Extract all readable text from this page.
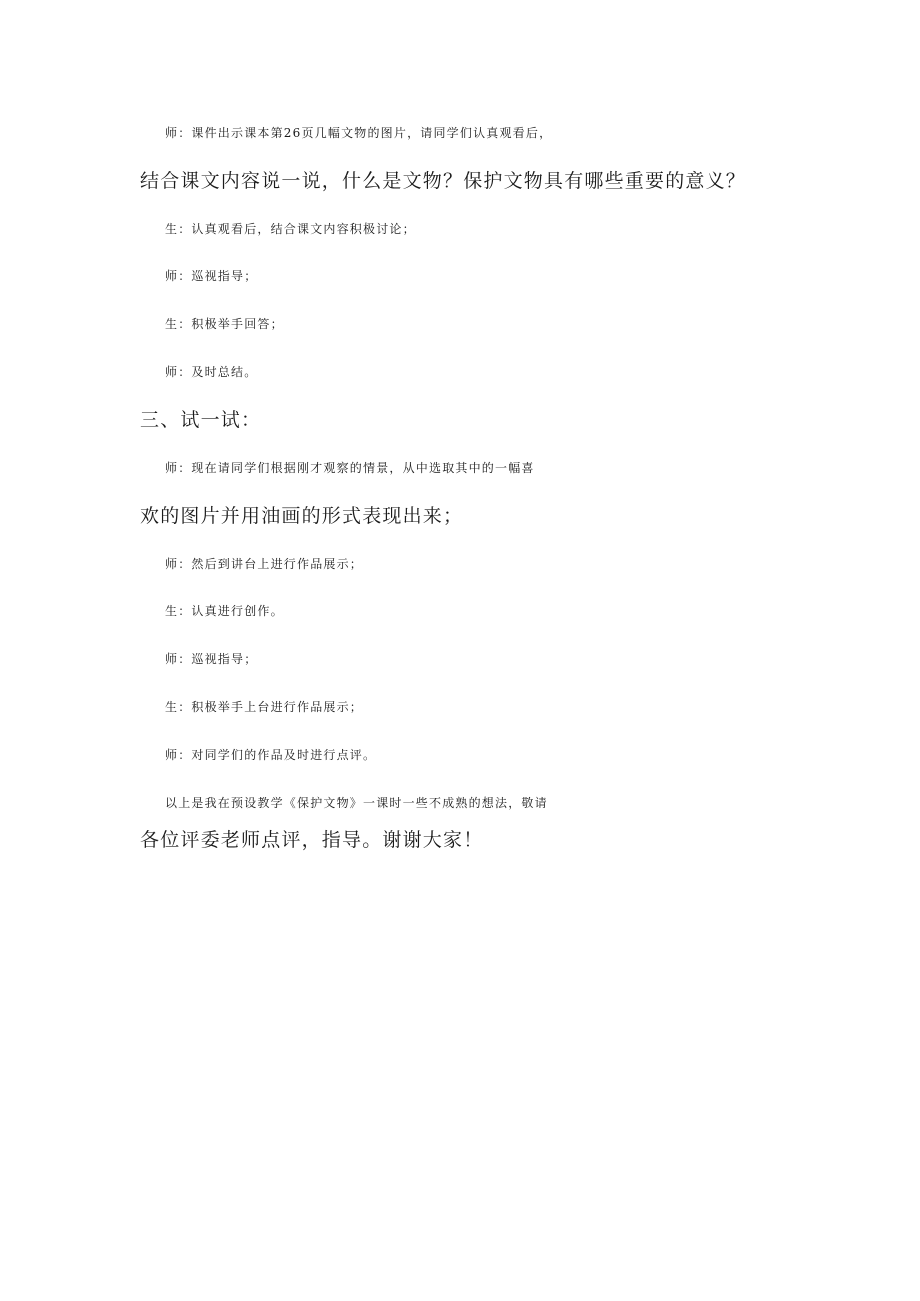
师：课件出示课本第26页几幅文物的图片，请同学们认真观看后，
结合课文内容说一说，什么是文物？保护文物具有哪些重要的意义？
生：认真观看后，结合课文内容积极讨论；
师：巡视指导；
生：积极举手回答；
师：及时总结。
三、试一试：
师：现在请同学们根据刚才观察的情景，从中选取其中的一幅喜
欢的图片并用油画的形式表现出来；
师：然后到讲台上进行作品展示；
生：认真进行创作。
师：巡视指导；
生：积极举手上台进行作品展示；
师：对同学们的作品及时进行点评。
以上是我在预设教学《保护文物》一课时一些不成熟的想法，敬请
各位评委老师点评，指导。谢谢大家！
